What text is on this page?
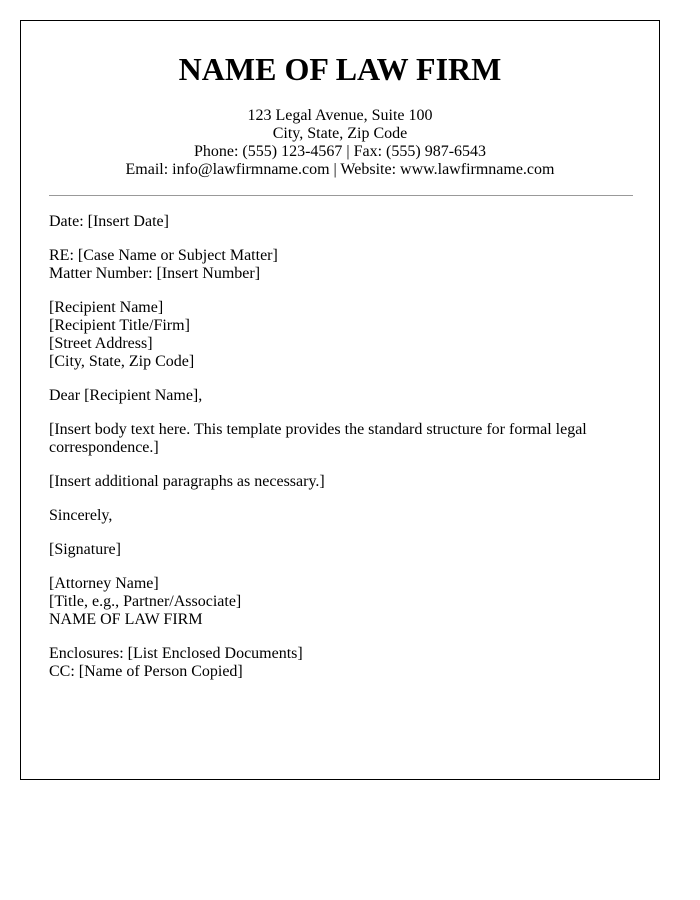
NAME OF LAW FIRM
123 Legal Avenue, Suite 100
City, State, Zip Code
Phone: (555) 123-4567 | Fax: (555) 987-6543
Email: info@lawfirmname.com | Website: www.lawfirmname.com
Date: [Insert Date]
RE: [Case Name or Subject Matter]
Matter Number: [Insert Number]
[Recipient Name]
[Recipient Title/Firm]
[Street Address]
[City, State, Zip Code]
Dear [Recipient Name],
[Insert body text here. This template provides the standard structure for formal legal correspondence.]
[Insert additional paragraphs as necessary.]
Sincerely,
[Signature]
[Attorney Name]
[Title, e.g., Partner/Associate]
NAME OF LAW FIRM
Enclosures: [List Enclosed Documents]
CC: [Name of Person Copied]
